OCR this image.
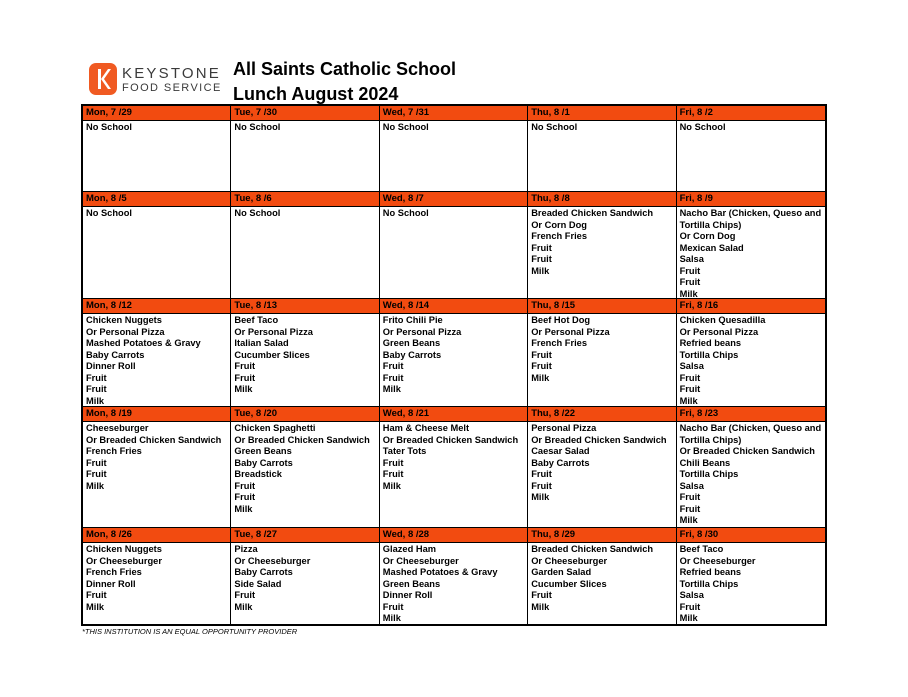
KEYSTONE
FOOD SERVICE
All Saints Catholic School
Lunch August 2024
Mon, 7 /29
No School
Tue, 7 /30
No School
Wed, 7 /31
No School
Thu, 8 /1
No School
Fri, 8 /2
No School
Mon, 8 /5
No School
Tue, 8 /6
No School
Wed, 8 /7
No School
Thu, 8 /8
Breaded Chicken Sandwich
Or Corn Dog
French Fries
Fruit
Fruit
Milk
Fri, 8 /9
Nacho Bar (Chicken, Queso and Tortilla Chips)
Or Corn Dog
Mexican Salad
Salsa
Fruit
Fruit
Milk
Mon, 8 /12
Chicken Nuggets
Or Personal Pizza
Mashed Potatoes & Gravy
Baby Carrots
Dinner Roll
Fruit
Fruit
Milk
Tue, 8 /13
Beef Taco
Or Personal Pizza
Italian Salad
Cucumber Slices
Fruit
Fruit
Milk
Wed, 8 /14
Frito Chili Pie
Or Personal Pizza
Green Beans
Baby Carrots
Fruit
Fruit
Milk
Thu, 8 /15
Beef Hot Dog
Or Personal Pizza
French Fries
Fruit
Fruit
Milk
Fri, 8 /16
Chicken Quesadilla
Or Personal Pizza
Refried beans
Tortilla Chips
Salsa
Fruit
Fruit
Milk
Mon, 8 /19
Cheeseburger
Or Breaded Chicken Sandwich
French Fries
Fruit
Fruit
Milk
Tue, 8 /20
Chicken Spaghetti
Or Breaded Chicken Sandwich
Green Beans
Baby Carrots
Breadstick
Fruit
Fruit
Milk
Wed, 8 /21
Ham & Cheese Melt
Or Breaded Chicken Sandwich
Tater Tots
Fruit
Fruit
Milk
Thu, 8 /22
Personal Pizza
Or Breaded Chicken Sandwich
Caesar Salad
Baby Carrots
Fruit
Fruit
Milk
Fri, 8 /23
Nacho Bar (Chicken, Queso and Tortilla Chips)
Or Breaded Chicken Sandwich
Chili Beans
Tortilla Chips
Salsa
Fruit
Fruit
Milk
Mon, 8 /26
Chicken Nuggets
Or Cheeseburger
French Fries
Dinner Roll
Fruit
Milk
Tue, 8 /27
Pizza
Or Cheeseburger
Baby Carrots
Side Salad
Fruit
Milk
Wed, 8 /28
Glazed Ham
Or Cheeseburger
Mashed Potatoes & Gravy
Green Beans
Dinner Roll
Fruit
Milk
Thu, 8 /29
Breaded Chicken Sandwich
Or Cheeseburger
Garden Salad
Cucumber Slices
Fruit
Milk
Fri, 8 /30
Beef Taco
Or Cheeseburger
Refried beans
Tortilla Chips
Salsa
Fruit
Milk
*THIS INSTITUTION IS AN EQUAL OPPORTUNITY PROVIDER
